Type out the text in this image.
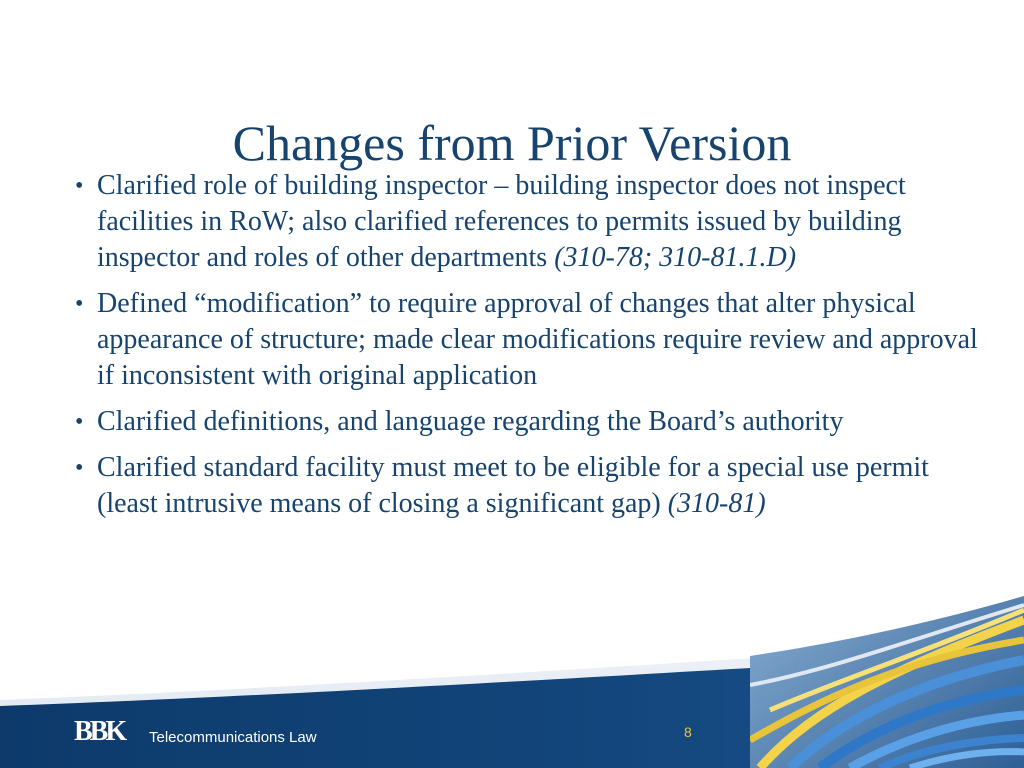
Changes from Prior Version
• Clarified role of building inspector – building inspector does not inspect facilities in RoW; also clarified references to permits issued by building inspector and roles of other departments (310-78; 310-81.1.D)
• Defined “modification” to require approval of changes that alter physical appearance of structure; made clear modifications require review and approval if inconsistent with original application
• Clarified definitions, and language regarding the Board’s authority
• Clarified standard facility must meet to be eligible for a special use permit (least intrusive means of closing a significant gap) (310-81)
BBK Telecommunications Law	8
